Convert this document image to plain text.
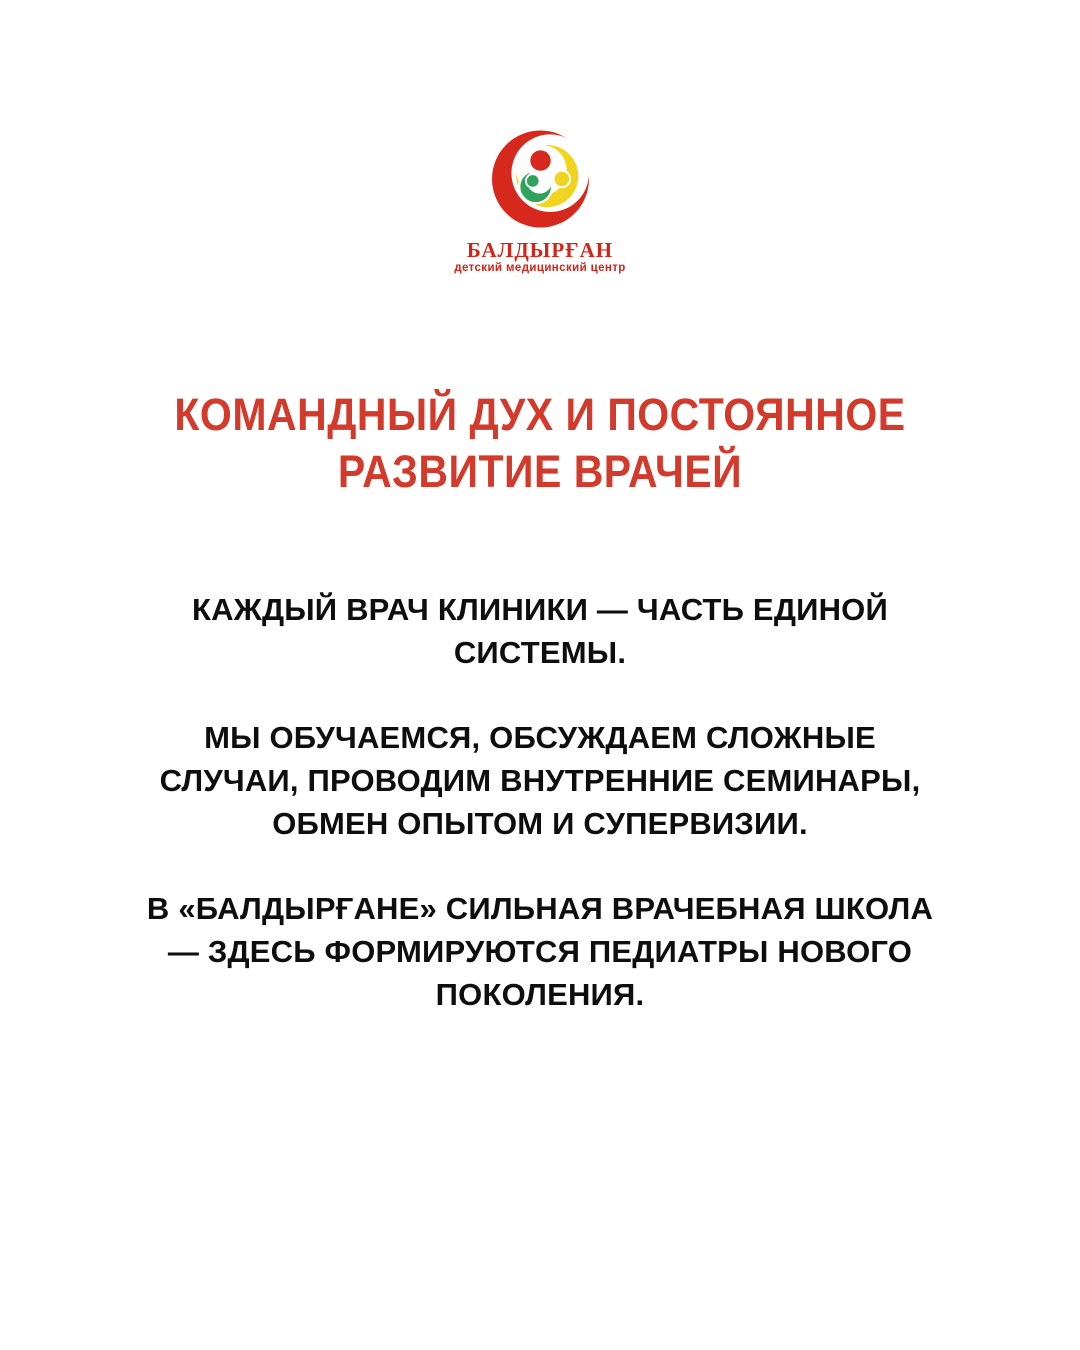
БАЛДЫРҒАН
детский медицинский центр
КОМАНДНЫЙ ДУХ И ПОСТОЯННОЕ
РАЗВИТИЕ ВРАЧЕЙ
КАЖДЫЙ ВРАЧ КЛИНИКИ — ЧАСТЬ ЕДИНОЙ
СИСТЕМЫ.
МЫ ОБУЧАЕМСЯ, ОБСУЖДАЕМ СЛОЖНЫЕ
СЛУЧАИ, ПРОВОДИМ ВНУТРЕННИЕ СЕМИНАРЫ,
ОБМЕН ОПЫТОМ И СУПЕРВИЗИИ.
В «БАЛДЫРҒАНЕ» СИЛЬНАЯ ВРАЧЕБНАЯ ШКОЛА
— ЗДЕСЬ ФОРМИРУЮТСЯ ПЕДИАТРЫ НОВОГО
ПОКОЛЕНИЯ.
